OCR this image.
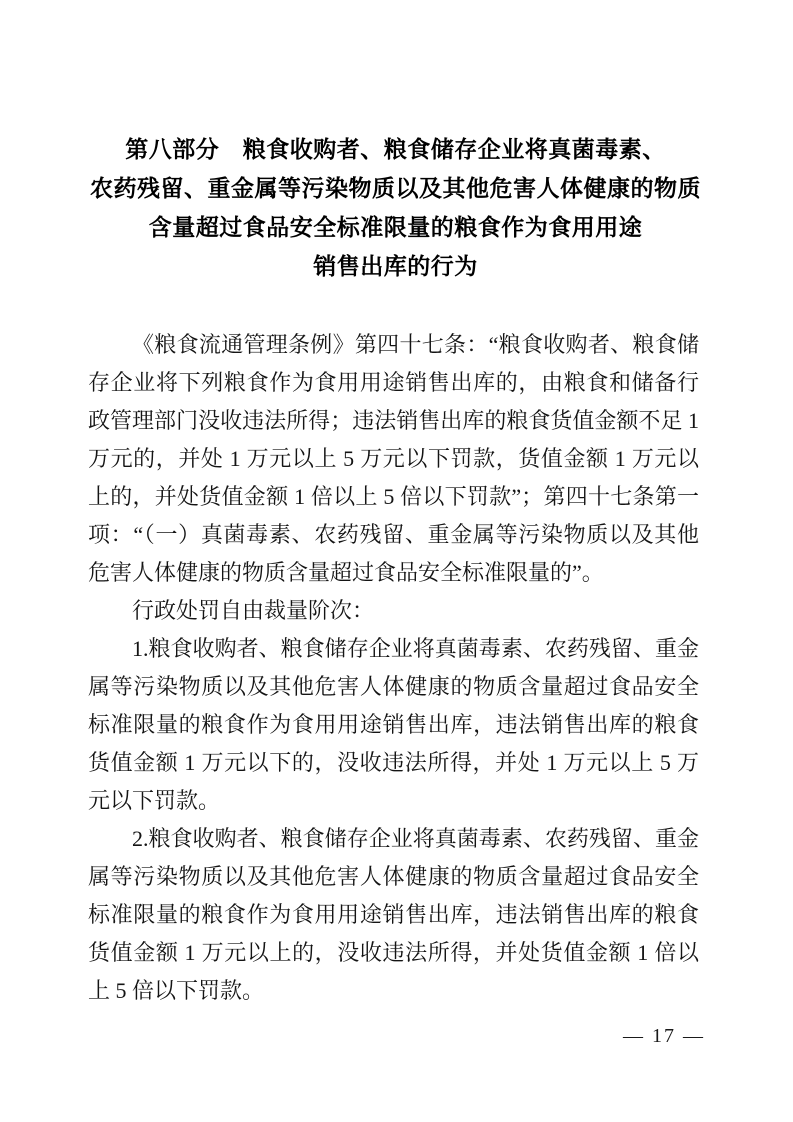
第八部分　粮食收购者、粮食储存企业将真菌毒素、
农药残留、重金属等污染物质以及其他危害人体健康的物质
含量超过食品安全标准限量的粮食作为食用用途
销售出库的行为

《粮食流通管理条例》第四十七条：“粮食收购者、粮食储存企业将下列粮食作为食用用途销售出库的，由粮食和储备行政管理部门没收违法所得；违法销售出库的粮食货值金额不足 1 万元的，并处 1 万元以上 5 万元以下罚款，货值金额 1 万元以上的，并处货值金额 1 倍以上 5 倍以下罚款”；第四十七条第一项：“（一）真菌毒素、农药残留、重金属等污染物质以及其他危害人体健康的物质含量超过食品安全标准限量的”。

行政处罚自由裁量阶次：

1.粮食收购者、粮食储存企业将真菌毒素、农药残留、重金属等污染物质以及其他危害人体健康的物质含量超过食品安全标准限量的粮食作为食用用途销售出库，违法销售出库的粮食货值金额 1 万元以下的，没收违法所得，并处 1 万元以上 5 万元以下罚款。

2.粮食收购者、粮食储存企业将真菌毒素、农药残留、重金属等污染物质以及其他危害人体健康的物质含量超过食品安全标准限量的粮食作为食用用途销售出库，违法销售出库的粮食货值金额 1 万元以上的，没收违法所得，并处货值金额 1 倍以上 5 倍以下罚款。

— 17 —
